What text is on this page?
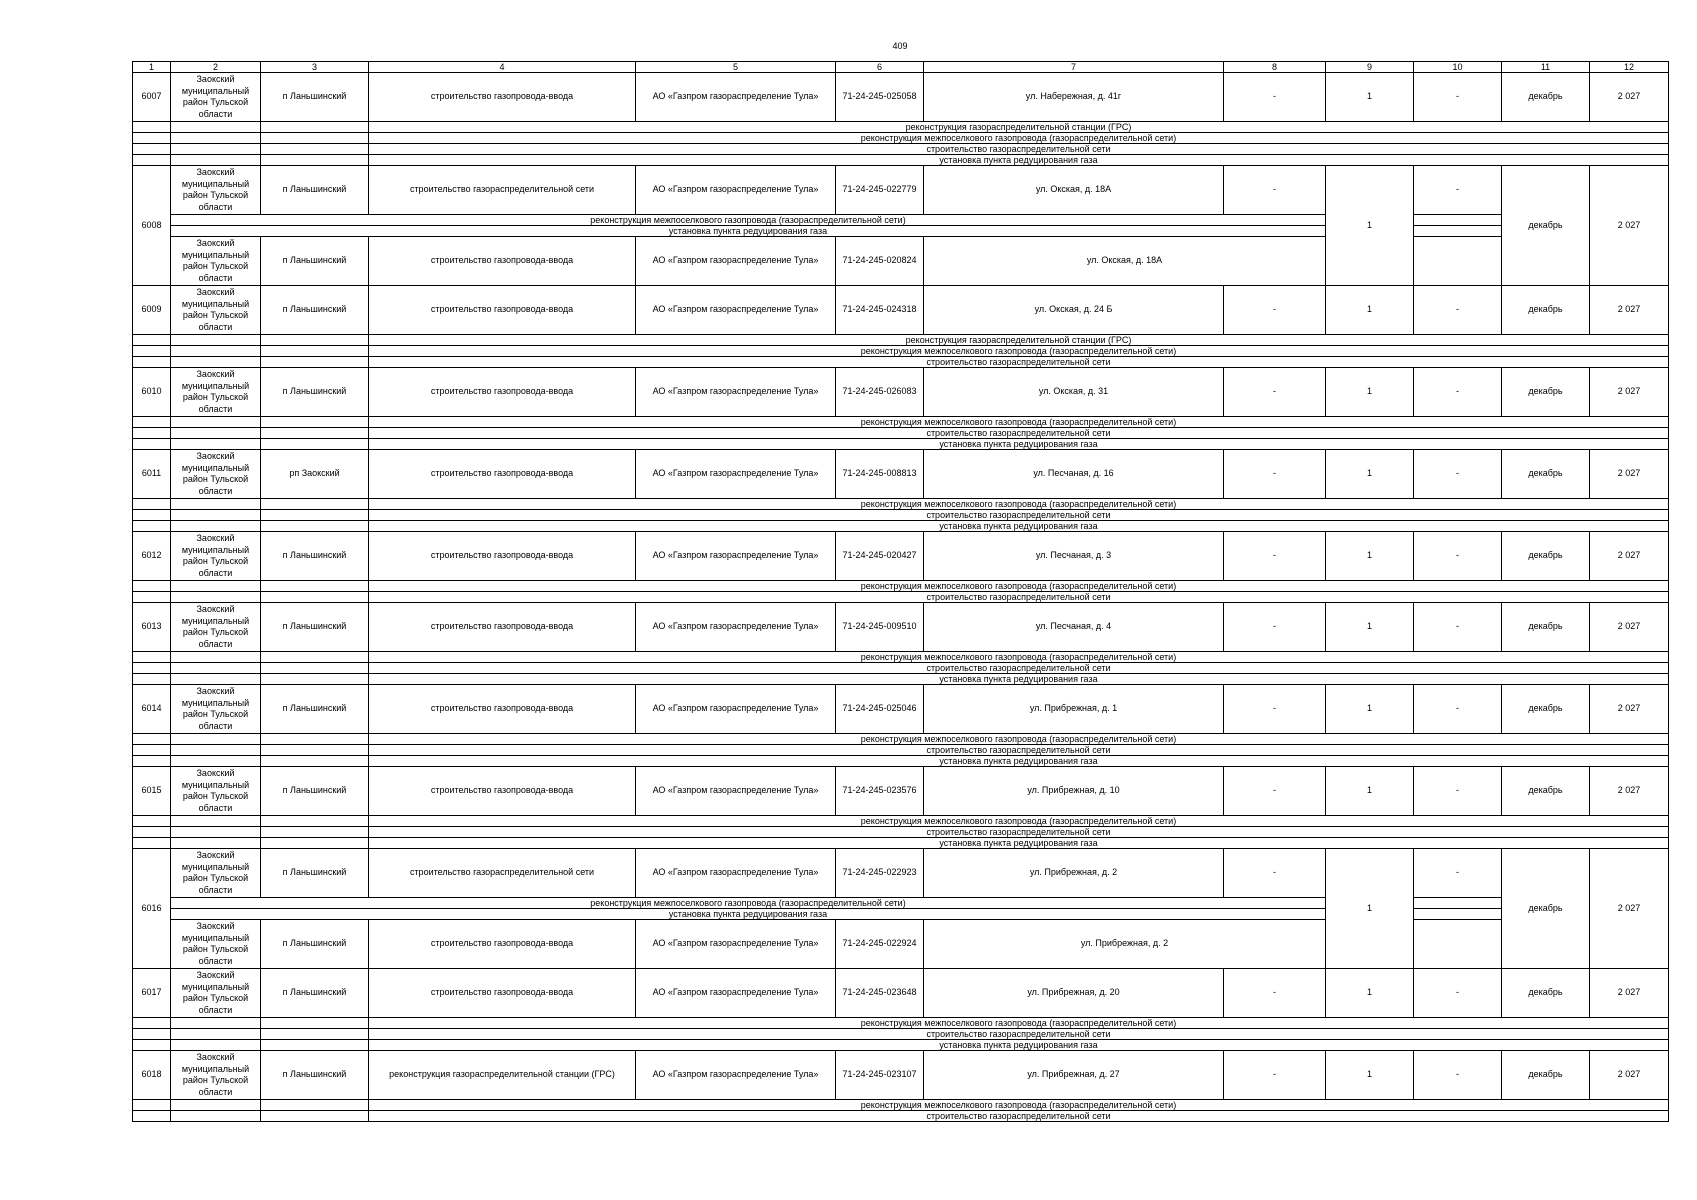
409
1	2	3	4	5	6	7	8	9	10	11	12
6007	Заокский муниципальный район Тульской области	п Ланьшинский	строительство газопровода-ввода	АО «Газпром газораспределение Тула»	71-24-245-025058	ул. Набережная, д. 41г	-	1	-	декабрь	2 027
			реконструкция газораспределительной станции (ГРС)								
			реконструкция межпоселкового газопровода (газораспределительной сети)								
			строительство газораспределительной сети								
			установка пункта редуцирования газа								
6008	Заокский муниципальный район Тульской области	п Ланьшинский	строительство газораспределительной сети	АО «Газпром газораспределение Тула»	71-24-245-022779	ул. Окская, д. 18А	-	1	-	декабрь	2 027
	реконструкция межпоселкового газопровода (газораспределительной сети)										
	установка пункта редуцирования газа										
	Заокский муниципальный район Тульской области	п Ланьшинский	строительство газопровода-ввода	АО «Газпром газораспределение Тула»	71-24-245-020824	ул. Окская, д. 18А					
6009	Заокский муниципальный район Тульской области	п Ланьшинский	строительство газопровода-ввода	АО «Газпром газораспределение Тула»	71-24-245-024318	ул. Окская, д. 24 Б	-	1	-	декабрь	2 027
			реконструкция газораспределительной станции (ГРС)								
			реконструкция межпоселкового газопровода (газораспределительной сети)								
			строительство газораспределительной сети								
6010	Заокский муниципальный район Тульской области	п Ланьшинский	строительство газопровода-ввода	АО «Газпром газораспределение Тула»	71-24-245-026083	ул. Окская, д. 31	-	1	-	декабрь	2 027
			реконструкция межпоселкового газопровода (газораспределительной сети)								
			строительство газораспределительной сети								
			установка пункта редуцирования газа								
6011	Заокский муниципальный район Тульской области	рп Заокский	строительство газопровода-ввода	АО «Газпром газораспределение Тула»	71-24-245-008813	ул. Песчаная, д. 16	-	1	-	декабрь	2 027
			реконструкция межпоселкового газопровода (газораспределительной сети)								
			строительство газораспределительной сети								
			установка пункта редуцирования газа								
6012	Заокский муниципальный район Тульской области	п Ланьшинский	строительство газопровода-ввода	АО «Газпром газораспределение Тула»	71-24-245-020427	ул. Песчаная, д. 3	-	1	-	декабрь	2 027
			реконструкция межпоселкового газопровода (газораспределительной сети)								
			строительство газораспределительной сети								
6013	Заокский муниципальный район Тульской области	п Ланьшинский	строительство газопровода-ввода	АО «Газпром газораспределение Тула»	71-24-245-009510	ул. Песчаная, д. 4	-	1	-	декабрь	2 027
			реконструкция межпоселкового газопровода (газораспределительной сети)								
			строительство газораспределительной сети								
			установка пункта редуцирования газа								
6014	Заокский муниципальный район Тульской области	п Ланьшинский	строительство газопровода-ввода	АО «Газпром газораспределение Тула»	71-24-245-025046	ул. Прибрежная, д. 1	-	1	-	декабрь	2 027
			реконструкция межпоселкового газопровода (газораспределительной сети)								
			строительство газораспределительной сети								
			установка пункта редуцирования газа								
6015	Заокский муниципальный район Тульской области	п Ланьшинский	строительство газопровода-ввода	АО «Газпром газораспределение Тула»	71-24-245-023576	ул. Прибрежная, д. 10	-	1	-	декабрь	2 027
			реконструкция межпоселкового газопровода (газораспределительной сети)								
			строительство газораспределительной сети								
			установка пункта редуцирования газа								
6016	Заокский муниципальный район Тульской области	п Ланьшинский	строительство газораспределительной сети	АО «Газпром газораспределение Тула»	71-24-245-022923	ул. Прибрежная, д. 2	-	1	-	декабрь	2 027
	реконструкция межпоселкового газопровода (газораспределительной сети)										
	установка пункта редуцирования газа										
	Заокский муниципальный район Тульской области	п Ланьшинский	строительство газопровода-ввода	АО «Газпром газораспределение Тула»	71-24-245-022924	ул. Прибрежная, д. 2					
6017	Заокский муниципальный район Тульской области	п Ланьшинский	строительство газопровода-ввода	АО «Газпром газораспределение Тула»	71-24-245-023648	ул. Прибрежная, д. 20	-	1	-	декабрь	2 027
			реконструкция межпоселкового газопровода (газораспределительной сети)								
			строительство газораспределительной сети								
			установка пункта редуцирования газа								
6018	Заокский муниципальный район Тульской области	п Ланьшинский	реконструкция газораспределительной станции (ГРС)	АО «Газпром газораспределение Тула»	71-24-245-023107	ул. Прибрежная, д. 27	-	1	-	декабрь	2 027
			реконструкция межпоселкового газопровода (газораспределительной сети)								
			строительство газораспределительной сети								
